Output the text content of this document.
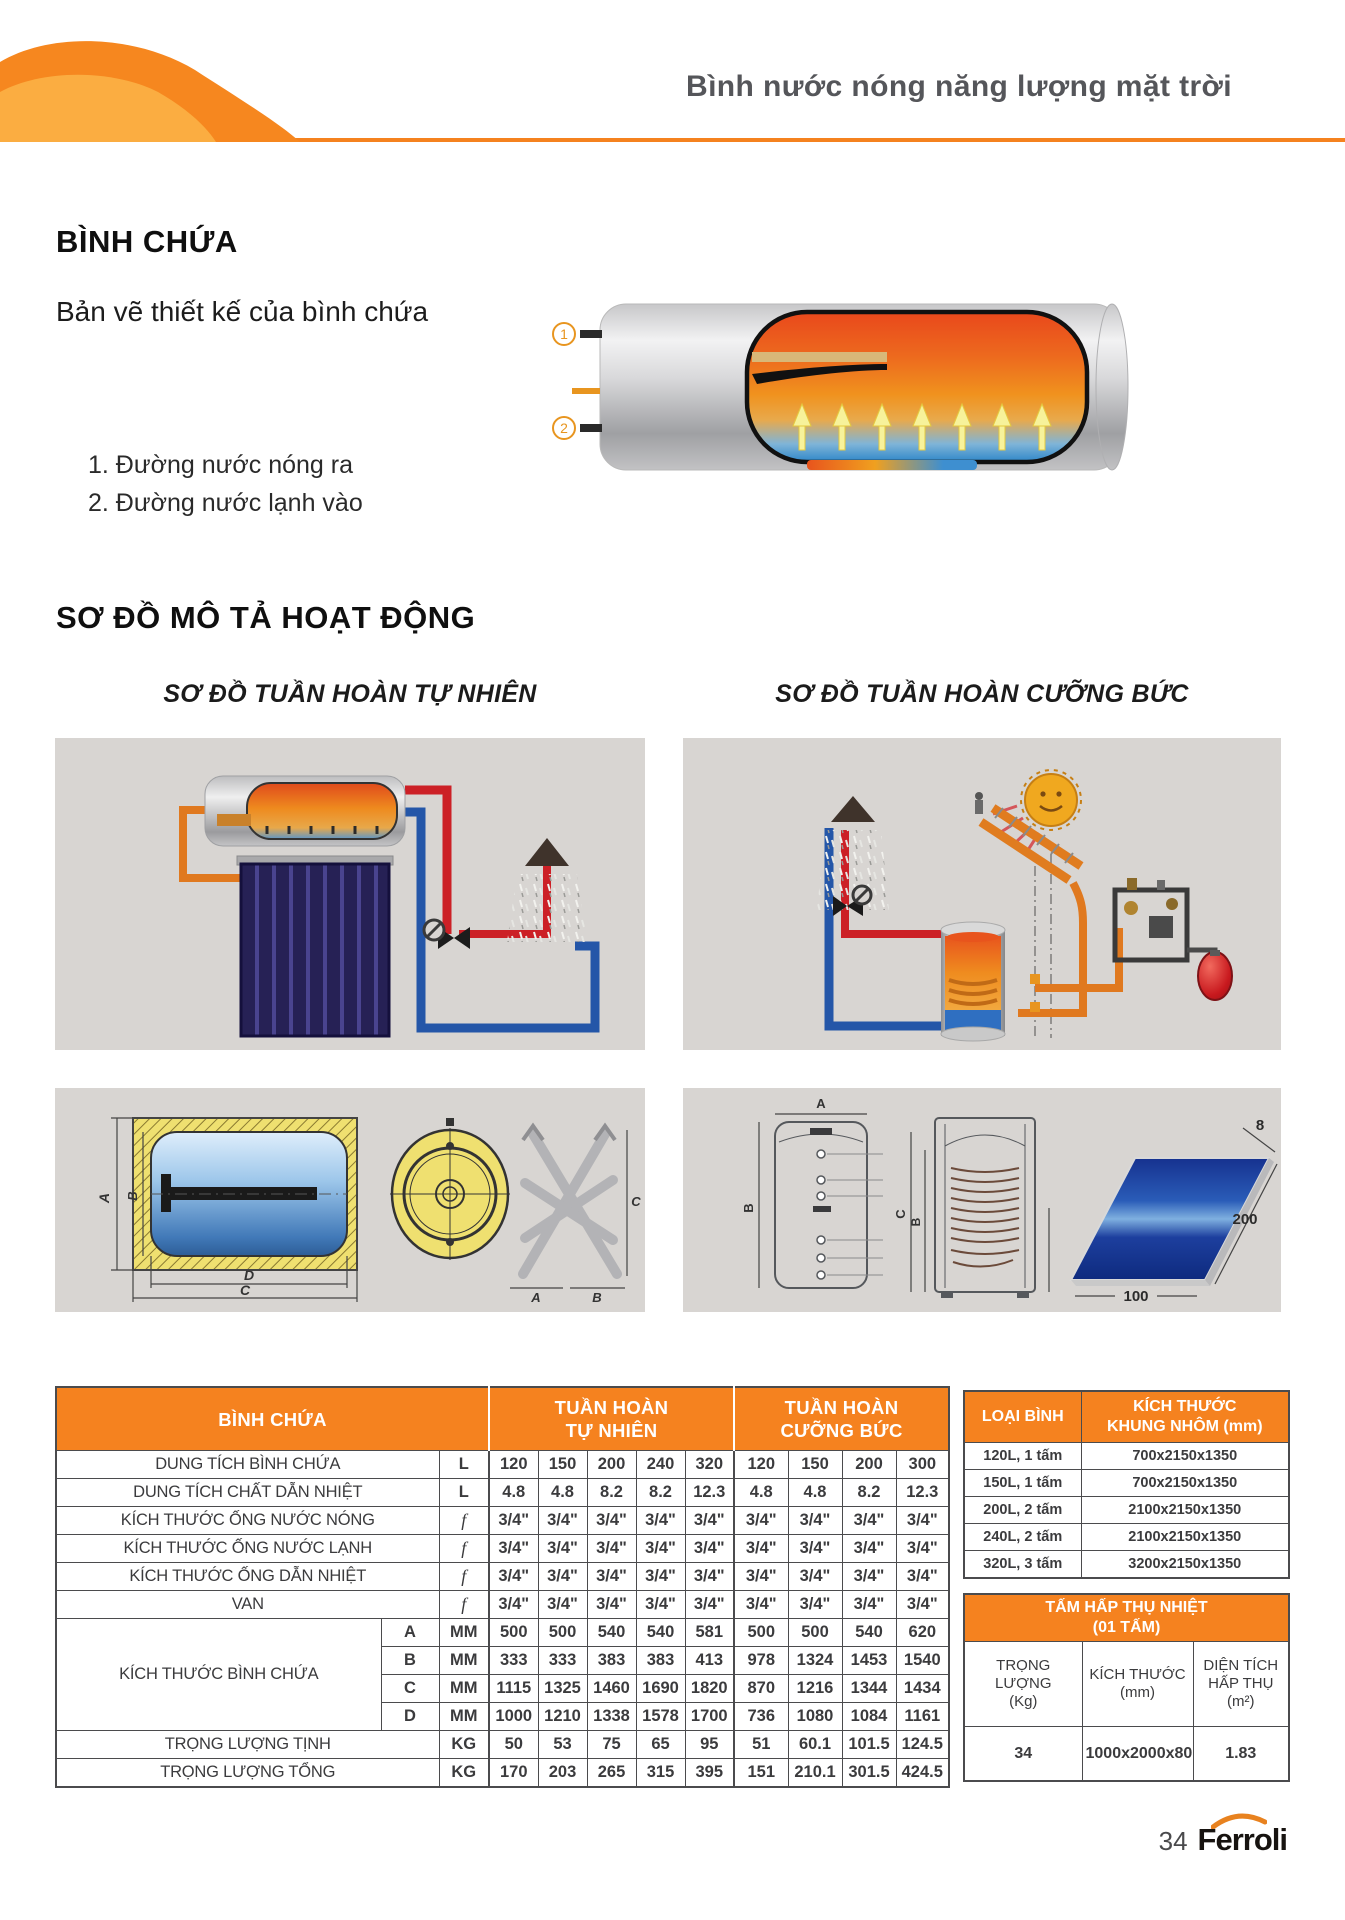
Bình nước nóng năng lượng mặt trời
BÌNH CHỨA
Bản vẽ thiết kế của bình chứa
1. Đường nước nóng ra
2. Đường nước lạnh vào
1
2
SƠ ĐỒ MÔ TẢ HOẠT ĐỘNG
SƠ ĐỒ TUẦN HOÀN TỰ NHIÊN	SƠ ĐỒ TUẦN HOÀN CƯỠNG BỨC
A B
D
C	A	B
C
A
B
C
B
8
200
100
BÌNH CHỨA			TUẦN HOÀN
TỰ NHIÊN					TUẦN HOÀN
CƯỠNG BỨC			

DUNG TÍCH BÌNH CHỨA		L	120	150	200	240	320	120	150	200	300
DUNG TÍCH CHẤT DẪN NHIỆT		L	4.8	4.8	8.2	8.2	12.3	4.8	4.8	8.2	12.3
KÍCH THƯỚC ỐNG NƯỚC NÓNG		f	3/4"	3/4"	3/4"	3/4"	3/4"	3/4"	3/4"	3/4"	3/4"
KÍCH THƯỚC ỐNG NƯỚC LẠNH		f	3/4"	3/4"	3/4"	3/4"	3/4"	3/4"	3/4"	3/4"	3/4"
KÍCH THƯỚC ỐNG DẪN NHIỆT		f	3/4"	3/4"	3/4"	3/4"	3/4"	3/4"	3/4"	3/4"	3/4"
VAN		f	3/4"	3/4"	3/4"	3/4"	3/4"	3/4"	3/4"	3/4"	3/4"
KÍCH THƯỚC BÌNH CHỨA	A	MM	500	500	540	540	581	500	500	540	620
	B	MM	333	333	383	383	413	978	1324	1453	1540
	C	MM	1115	1325	1460	1690	1820	870	1216	1344	1434
	D	MM	1000	1210	1338	1578	1700	736	1080	1084	1161
TRỌNG LƯỢNG TỊNH		KG	50	53	75	65	95	51	60.1	101.5	124.5
TRỌNG LƯỢNG TỔNG		KG	170	203	265	315	395	151	210.1	301.5	424.5
LOẠI BÌNH	KÍCH THƯỚC
KHUNG NHÔM (mm)

120L, 1 tấm	700x2150x1350
150L, 1 tấm	700x2150x1350
200L, 2 tấm	2100x2150x1350
240L, 2 tấm	2100x2150x1350
320L, 3 tấm	3200x2150x1350
TẤM HẤP THỤ NHIỆT
(01 TẤM)		

TRỌNG LƯỢNG
(Kg)	KÍCH THƯỚC
(mm)	DIỆN TÍCH
HẤP THỤ
(m²)

34	1000x2000x80	1.83
34 Ferroli
